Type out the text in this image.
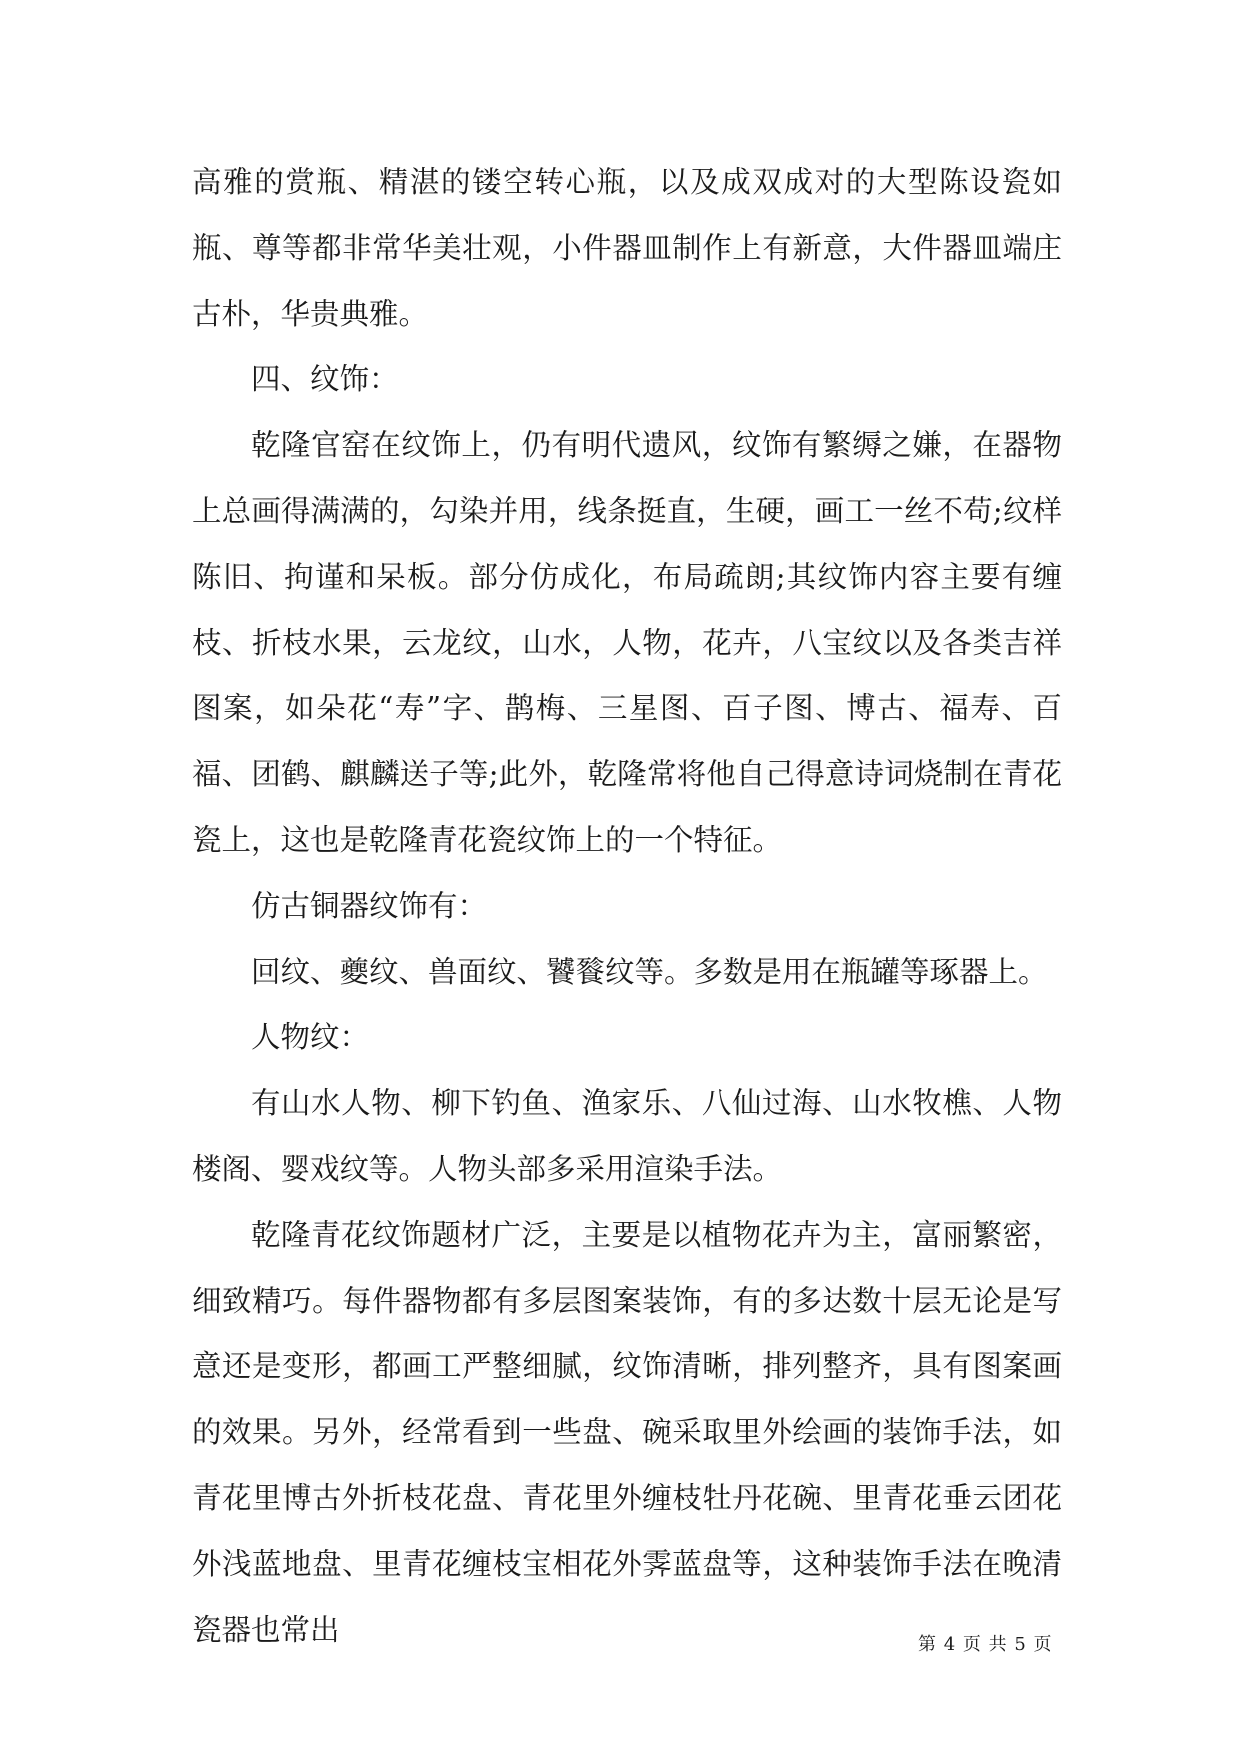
高雅的赏瓶、精湛的镂空转心瓶，以及成双成对的大型陈设瓷如瓶、尊等都非常华美壮观，小件器皿制作上有新意，大件器皿端庄古朴，华贵典雅。

四、纹饰：

乾隆官窑在纹饰上，仍有明代遗风，纹饰有繁缛之嫌，在器物上总画得满满的，勾染并用，线条挺直，生硬，画工一丝不苟;纹样陈旧、拘谨和呆板。部分仿成化，布局疏朗;其纹饰内容主要有缠枝、折枝水果，云龙纹，山水，人物，花卉，八宝纹以及各类吉祥图案，如朵花“寿”字、鹊梅、三星图、百子图、博古、福寿、百福、团鹤、麒麟送子等;此外，乾隆常将他自己得意诗词烧制在青花瓷上，这也是乾隆青花瓷纹饰上的一个特征。

仿古铜器纹饰有：

回纹、夔纹、兽面纹、饕餮纹等。多数是用在瓶罐等琢器上。

人物纹：

有山水人物、柳下钓鱼、渔家乐、八仙过海、山水牧樵、人物楼阁、婴戏纹等。人物头部多采用渲染手法。

乾隆青花纹饰题材广泛，主要是以植物花卉为主，富丽繁密，细致精巧。每件器物都有多层图案装饰，有的多达数十层无论是写意还是变形，都画工严整细腻，纹饰清晰，排列整齐，具有图案画的效果。另外，经常看到一些盘、碗采取里外绘画的装饰手法，如青花里博古外折枝花盘、青花里外缠枝牡丹花碗、里青花垂云团花外浅蓝地盘、里青花缠枝宝相花外霁蓝盘等，这种装饰手法在晚清瓷器也常出	第 4 页 共 5 页
